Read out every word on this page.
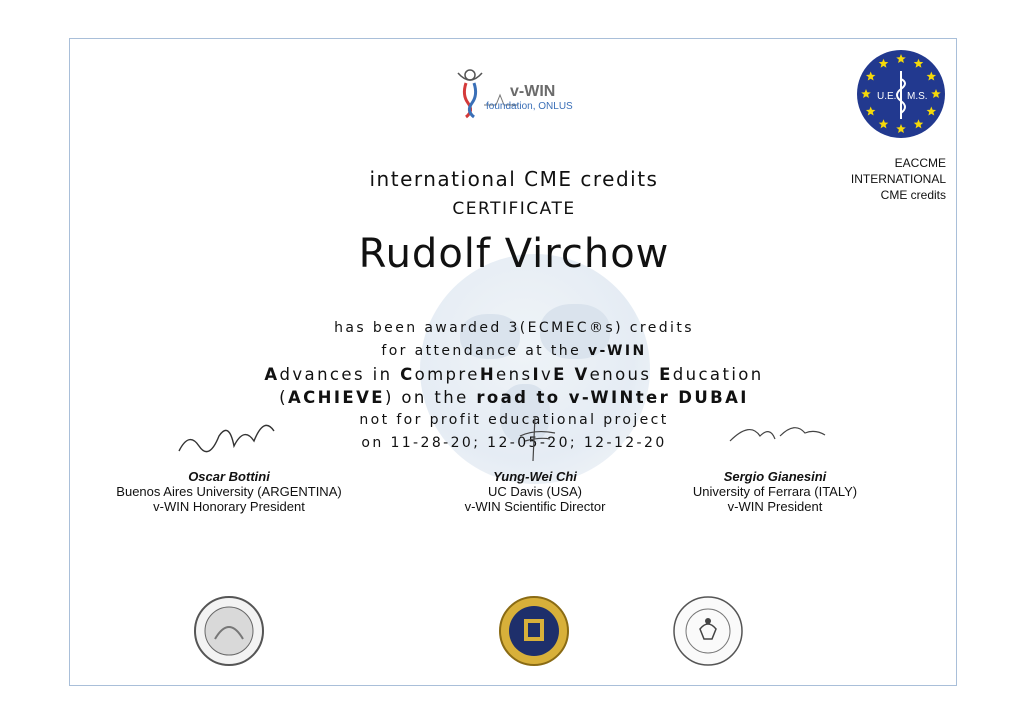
v-WIN
foundation, ONLUS
U.E. M.S.
EACCME
INTERNATIONAL
CME credits
international CME credits
CERTIFICATE
Rudolf Virchow
has been awarded 3(ECMEC®s) credits
for attendance at the v-WIN
Advances in CompreHensIvE Venous Education
(ACHIEVE) on the road to v-WINter DUBAI
not for profit educational project
on 11-28-20; 12-05-20; 12-12-20
Oscar Bottini
Buenos Aires University (ARGENTINA)
v-WIN Honorary President
Yung-Wei Chi
UC Davis (USA)
v-WIN Scientific Director
Sergio Gianesini
University of Ferrara (ITALY)
v-WIN President
